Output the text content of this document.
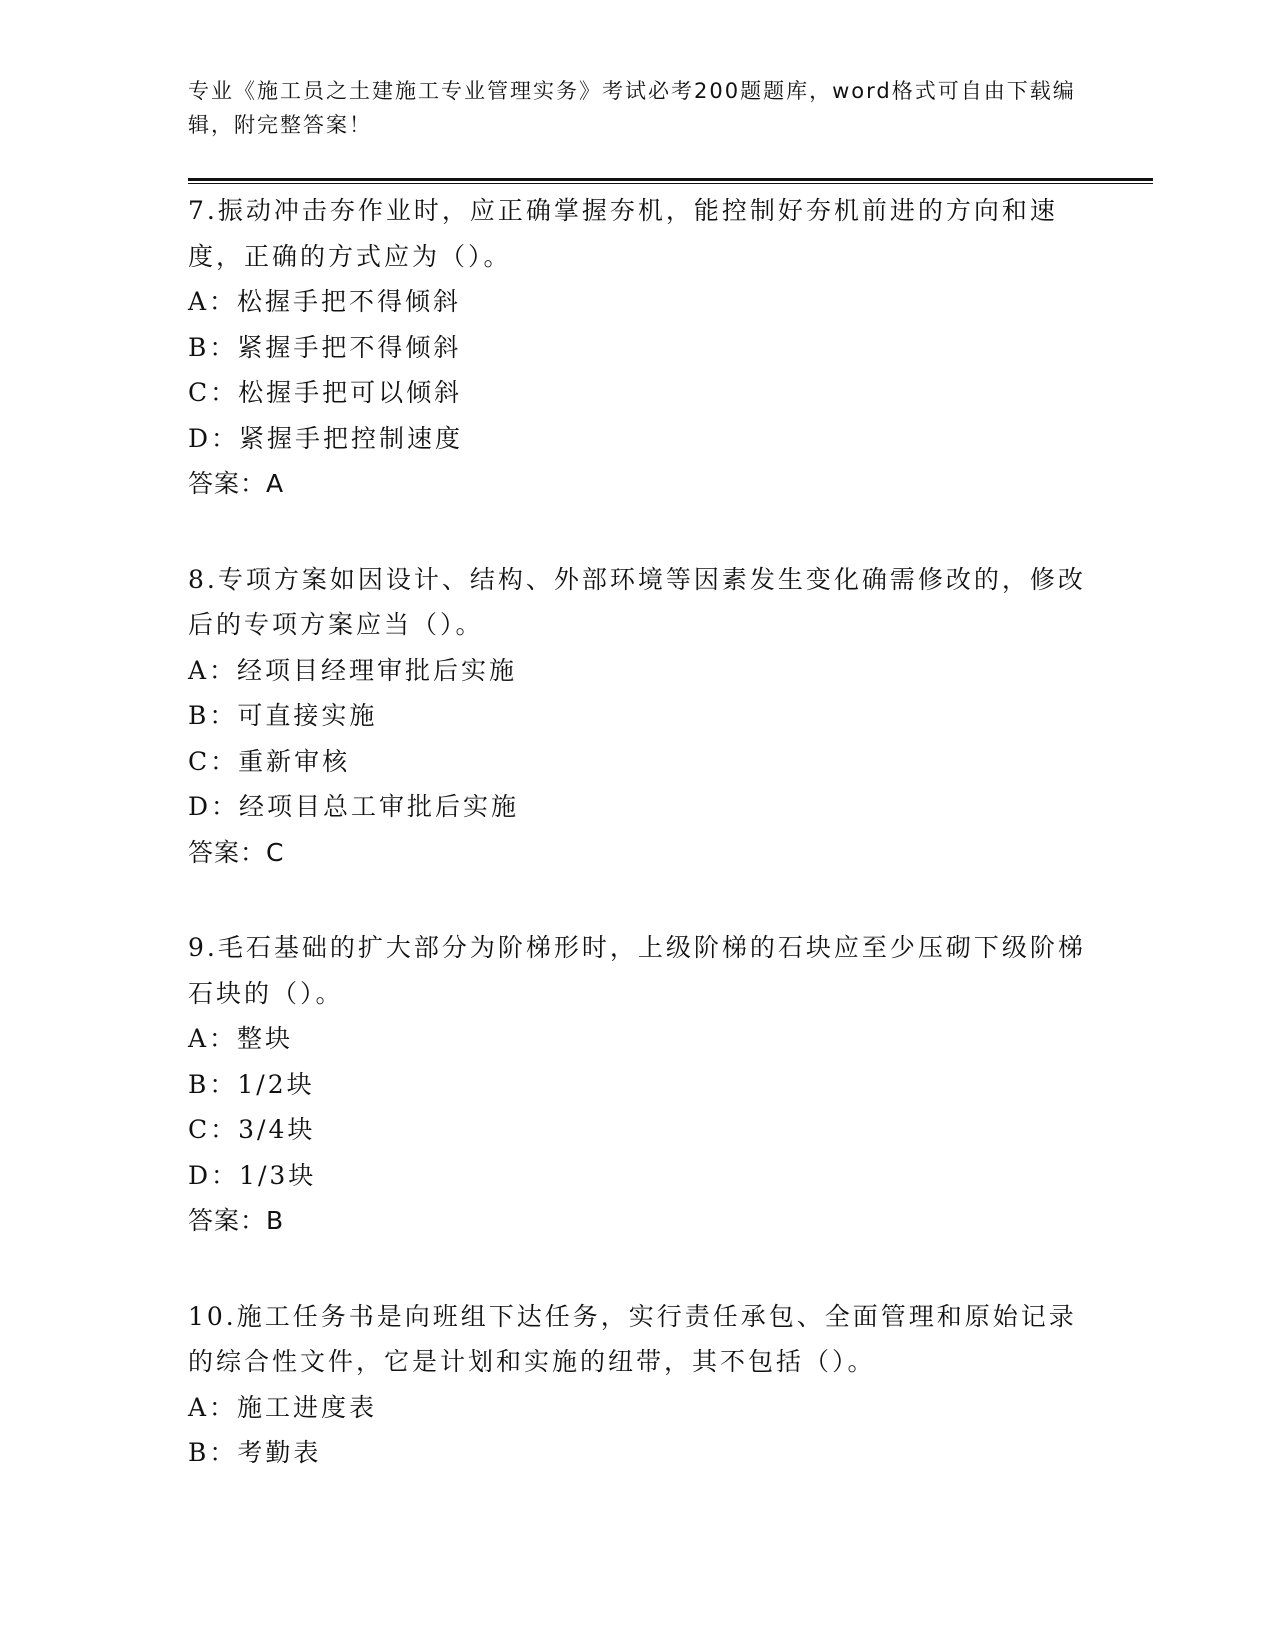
专业《施工员之土建施工专业管理实务》考试必考200题题库，word格式可自由下载编辑，附完整答案！

7.振动冲击夯作业时，应正确掌握夯机，能控制好夯机前进的方向和速度，正确的方式应为（）。

A：松握手把不得倾斜

B：紧握手把不得倾斜

C：松握手把可以倾斜

D：紧握手把控制速度

答案：A

8.专项方案如因设计、结构、外部环境等因素发生变化确需修改的，修改后的专项方案应当（）。

A：经项目经理审批后实施

B：可直接实施

C：重新审核

D：经项目总工审批后实施

答案：C

9.毛石基础的扩大部分为阶梯形时，上级阶梯的石块应至少压砌下级阶梯石块的（）。

A：整块

B：1/2块

C：3/4块

D：1/3块

答案：B

10.施工任务书是向班组下达任务，实行责任承包、全面管理和原始记录的综合性文件，它是计划和实施的纽带，其不包括（）。

A：施工进度表

B：考勤表
